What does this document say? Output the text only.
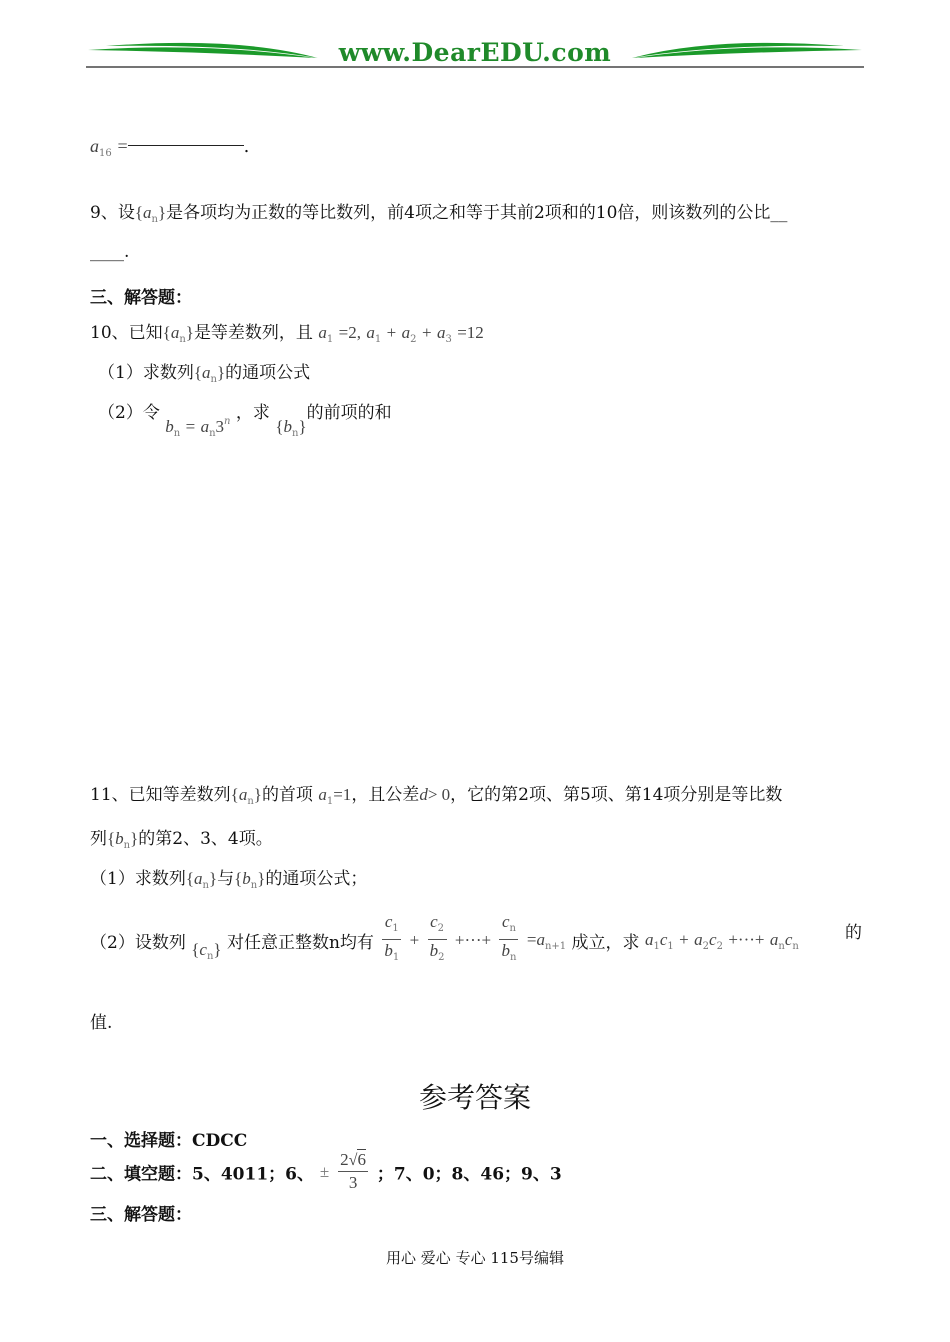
www.DearEDU.com
$a_{16}$ =	.
9、设$\{a_n\}$是各项均为正数的等比数列，前4项之和等于其前2项和的10倍，则该数列的公比__
____.
三、解答题：
10、已知$\{a_n\}$是等差数列，且 $a_1 =2$, $a_1 + a_2 + a_3 =12$
（1）求数列$\{a_n\}$的通项公式
（2）令 $b_n = a_n3^n$ ，求 $\{b_n\}$的前项的和
11、已知等差数列$\{a_n\}$的首项 $a_1=1$，且公差d> 0，它的第2项、第5项、第14项分别是等比数
列$\{b_n\}$的第2、3、4项。
（1）求数列$\{a_n\}$与$\{b_n\}$的通项公式；
（2）设数列 $\{c_n\}$ 对任意正整数n均有 $\frac{c_1}{b_1} + \frac{c_2}{b_2}$ +···+ $\frac{c_n}{b_n} =a_{n+1}$ 成立，求 $a_1c_1 + a_2c_2$ +···+ $a_nc_n$
的
值.
参考答案
一、选择题：CDCC
二、填空题：5、4011；6、 ± $\frac{2√6}{3}$ ；7、0；8、46；9、3
三、解答题：
用心 爱心 专心 115号编辑
